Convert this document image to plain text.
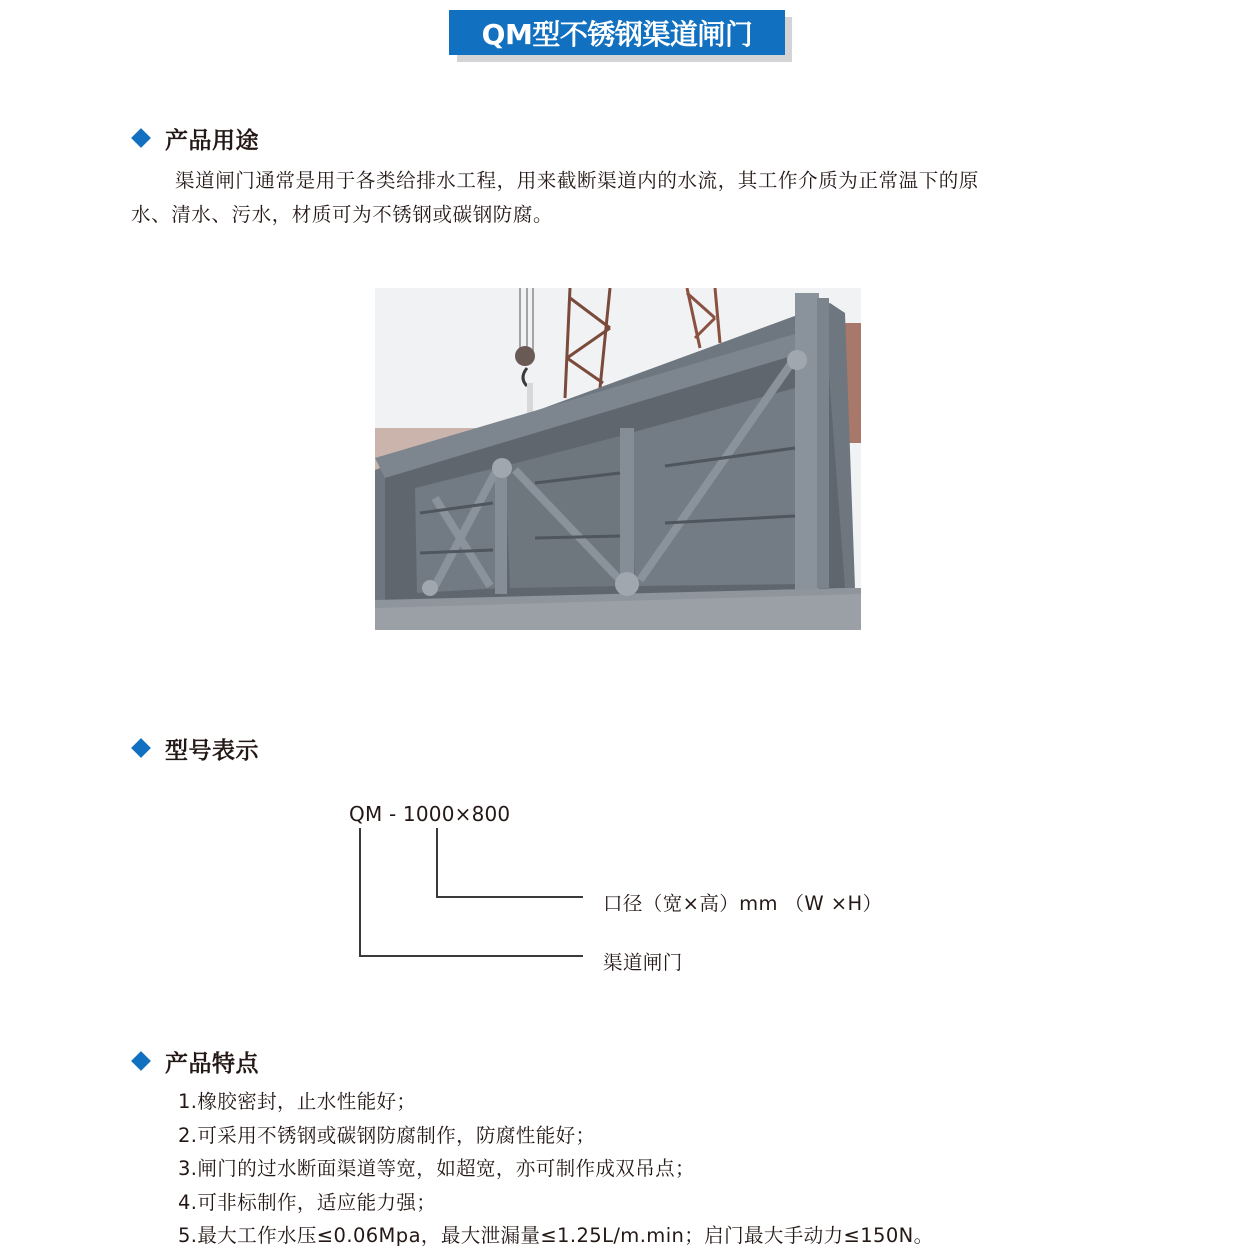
QM型不锈钢渠道闸门
产品用途
渠道闸门通常是用于各类给排水工程，用来截断渠道内的水流，其工作介质为正常温下的原
水、清水、污水，材质可为不锈钢或碳钢防腐。
型号表示
QM - 1000×800
口径（宽×高）mm （W ×H）
渠道闸门
产品特点
1.橡胶密封，止水性能好；
2.可采用不锈钢或碳钢防腐制作，防腐性能好；
3.闸门的过水断面渠道等宽，如超宽，亦可制作成双吊点；
4.可非标制作，适应能力强；
5.最大工作水压≤0.06Mpa，最大泄漏量≤1.25L/m.min；启门最大手动力≤150N。
